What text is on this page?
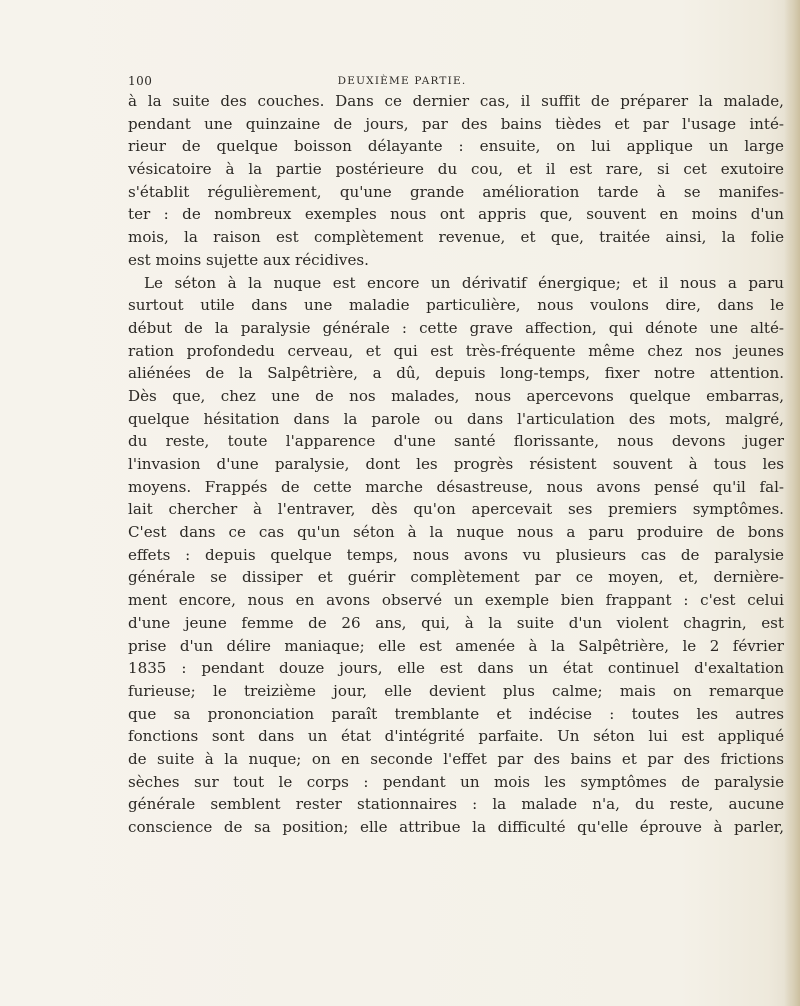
100	DEUXIÈME PARTIE.
à la suite des couches. Dans ce dernier cas, il suffit de préparer la malade,
pendant une quinzaine de jours, par des bains tièdes et par l'usage inté-
rieur de quelque boisson délayante : ensuite, on lui applique un large
vésicatoire à la partie postérieure du cou, et il est rare, si cet exutoire
s'établit régulièrement, qu'une grande amélioration tarde à se manifes-
ter : de nombreux exemples nous ont appris que, souvent en moins d'un
mois, la raison est complètement revenue, et que, traitée ainsi, la folie
est moins sujette aux récidives.
Le séton à la nuque est encore un dérivatif énergique; et il nous a paru
surtout utile dans une maladie particulière, nous voulons dire, dans le
début de la paralysie générale : cette grave affection, qui dénote une alté-
ration profondedu cerveau, et qui est très-fréquente même chez nos jeunes
aliénées de la Salpêtrière, a dû, depuis long-temps, fixer notre attention.
Dès que, chez une de nos malades, nous apercevons quelque embarras,
quelque hésitation dans la parole ou dans l'articulation des mots, malgré,
du reste, toute l'apparence d'une santé florissante, nous devons juger
l'invasion d'une paralysie, dont les progrès résistent souvent à tous les
moyens. Frappés de cette marche désastreuse, nous avons pensé qu'il fal-
lait chercher à l'entraver, dès qu'on apercevait ses premiers symptômes.
C'est dans ce cas qu'un séton à la nuque nous a paru produire de bons
effets : depuis quelque temps, nous avons vu plusieurs cas de paralysie
générale se dissiper et guérir complètement par ce moyen, et, dernière-
ment encore, nous en avons observé un exemple bien frappant : c'est celui
d'une jeune femme de 26 ans, qui, à la suite d'un violent chagrin, est
prise d'un délire maniaque; elle est amenée à la Salpêtrière, le 2 février
1835 : pendant douze jours, elle est dans un état continuel d'exaltation
furieuse; le treizième jour, elle devient plus calme; mais on remarque
que sa prononciation paraît tremblante et indécise : toutes les autres
fonctions sont dans un état d'intégrité parfaite. Un séton lui est appliqué
de suite à la nuque; on en seconde l'effet par des bains et par des frictions
sèches sur tout le corps : pendant un mois les symptômes de paralysie
générale semblent rester stationnaires : la malade n'a, du reste, aucune
conscience de sa position; elle attribue la difficulté qu'elle éprouve à parler,
